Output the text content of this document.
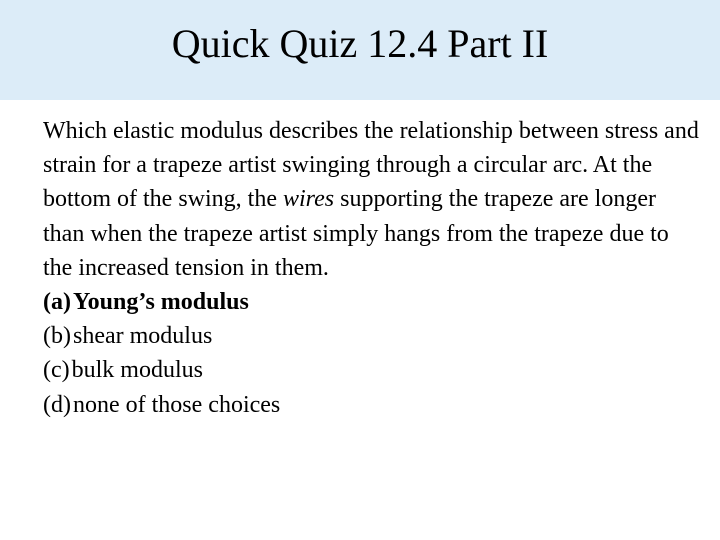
Quick Quiz 12.4 Part II

Which elastic modulus describes the relationship between stress and strain for a trapeze artist swinging through a circular arc. At the bottom of the swing, the wires supporting the trapeze are longer than when the trapeze artist simply hangs from the trapeze due to the increased tension in them.

(a)Young’s modulus
(b)shear modulus
(c)bulk modulus
(d)none of those choices
